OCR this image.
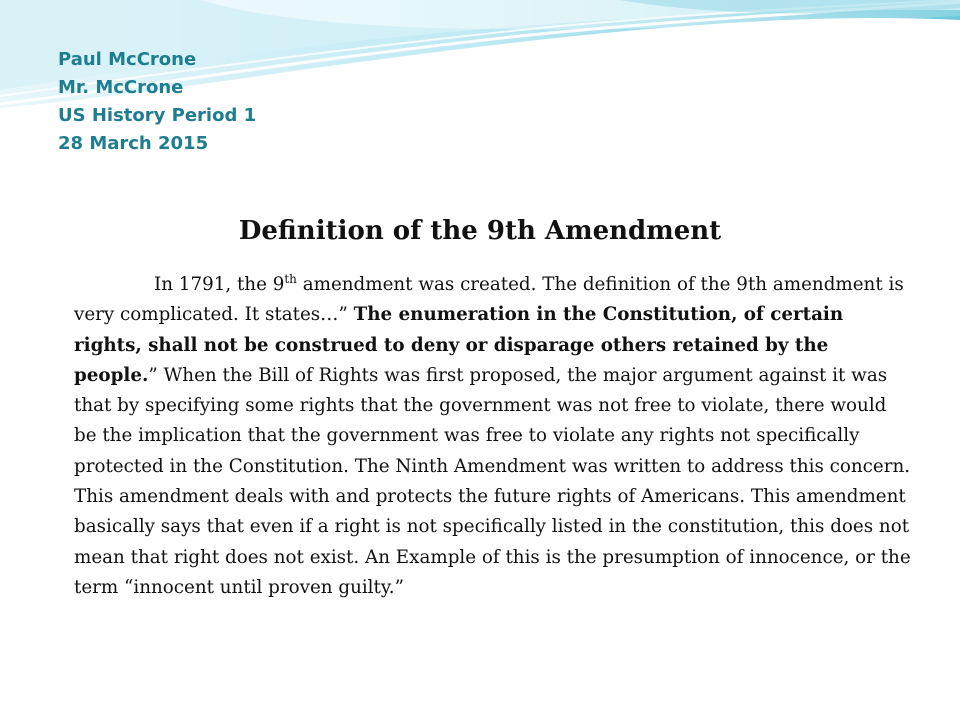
Paul McCrone
Mr. McCrone
US History Period 1
28 March 2015
Definition of the 9th Amendment

In 1791, the 9th amendment was created. The definition of the 9th amendment is very complicated. It states…” The enumeration in the Constitution, of certain rights, shall not be construed to deny or disparage others retained by the people.” When the Bill of Rights was first proposed, the major argument against it was that by specifying some rights that the government was not free to violate, there would be the implication that the government was free to violate any rights not specifically protected in the Constitution. The Ninth Amendment was written to address this concern. This amendment deals with and protects the future rights of Americans. This amendment basically says that even if a right is not specifically listed in the constitution, this does not mean that right does not exist. An Example of this is the presumption of innocence, or the term “innocent until proven guilty.”
